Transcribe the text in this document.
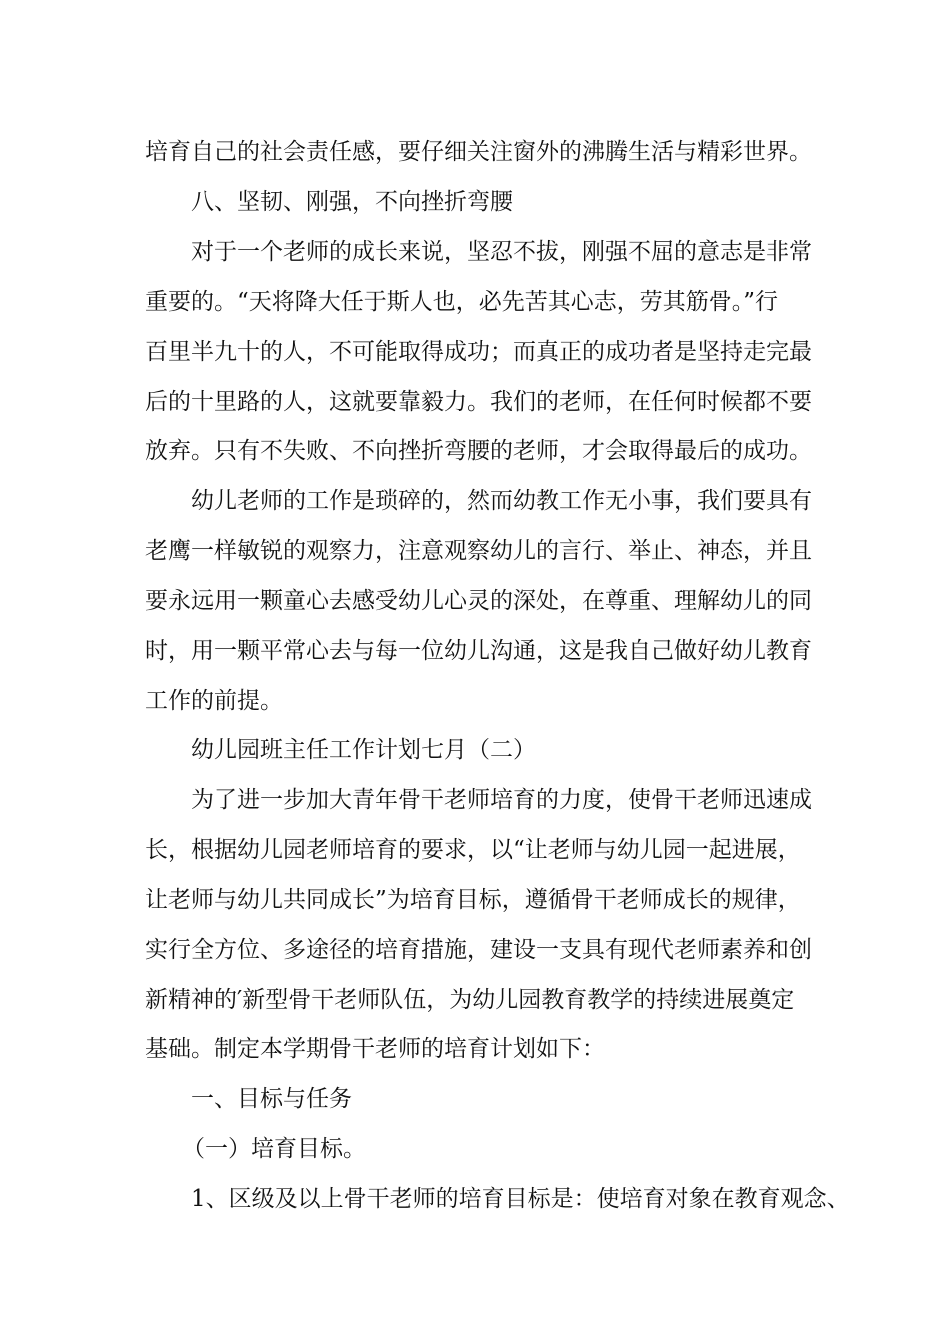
培育自己的社会责任感，要仔细关注窗外的沸腾生活与精彩世界。

八、坚韧、刚强，不向挫折弯腰

对于一个老师的成长来说，坚忍不拔，刚强不屈的意志是非常

重要的。“天将降大任于斯人也，必先苦其心志，劳其筋骨。”行

百里半九十的人，不可能取得成功；而真正的成功者是坚持走完最

后的十里路的人，这就要靠毅力。我们的老师，在任何时候都不要

放弃。只有不失败、不向挫折弯腰的老师，才会取得最后的成功。

幼儿老师的工作是琐碎的，然而幼教工作无小事，我们要具有

老鹰一样敏锐的观察力，注意观察幼儿的言行、举止、神态，并且

要永远用一颗童心去感受幼儿心灵的深处，在尊重、理解幼儿的同

时，用一颗平常心去与每一位幼儿沟通，这是我自己做好幼儿教育

工作的前提。

幼儿园班主任工作计划七月（二）

为了进一步加大青年骨干老师培育的力度，使骨干老师迅速成

长，根据幼儿园老师培育的要求，以“让老师与幼儿园一起进展，

让老师与幼儿共同成长”为培育目标，遵循骨干老师成长的规律，

实行全方位、多途径的培育措施，建设一支具有现代老师素养和创

新精神的′新型骨干老师队伍，为幼儿园教育教学的持续进展奠定

基础。制定本学期骨干老师的培育计划如下：

一、目标与任务

（一）培育目标。

1、区级及以上骨干老师的培育目标是：使培育对象在教育观念、
